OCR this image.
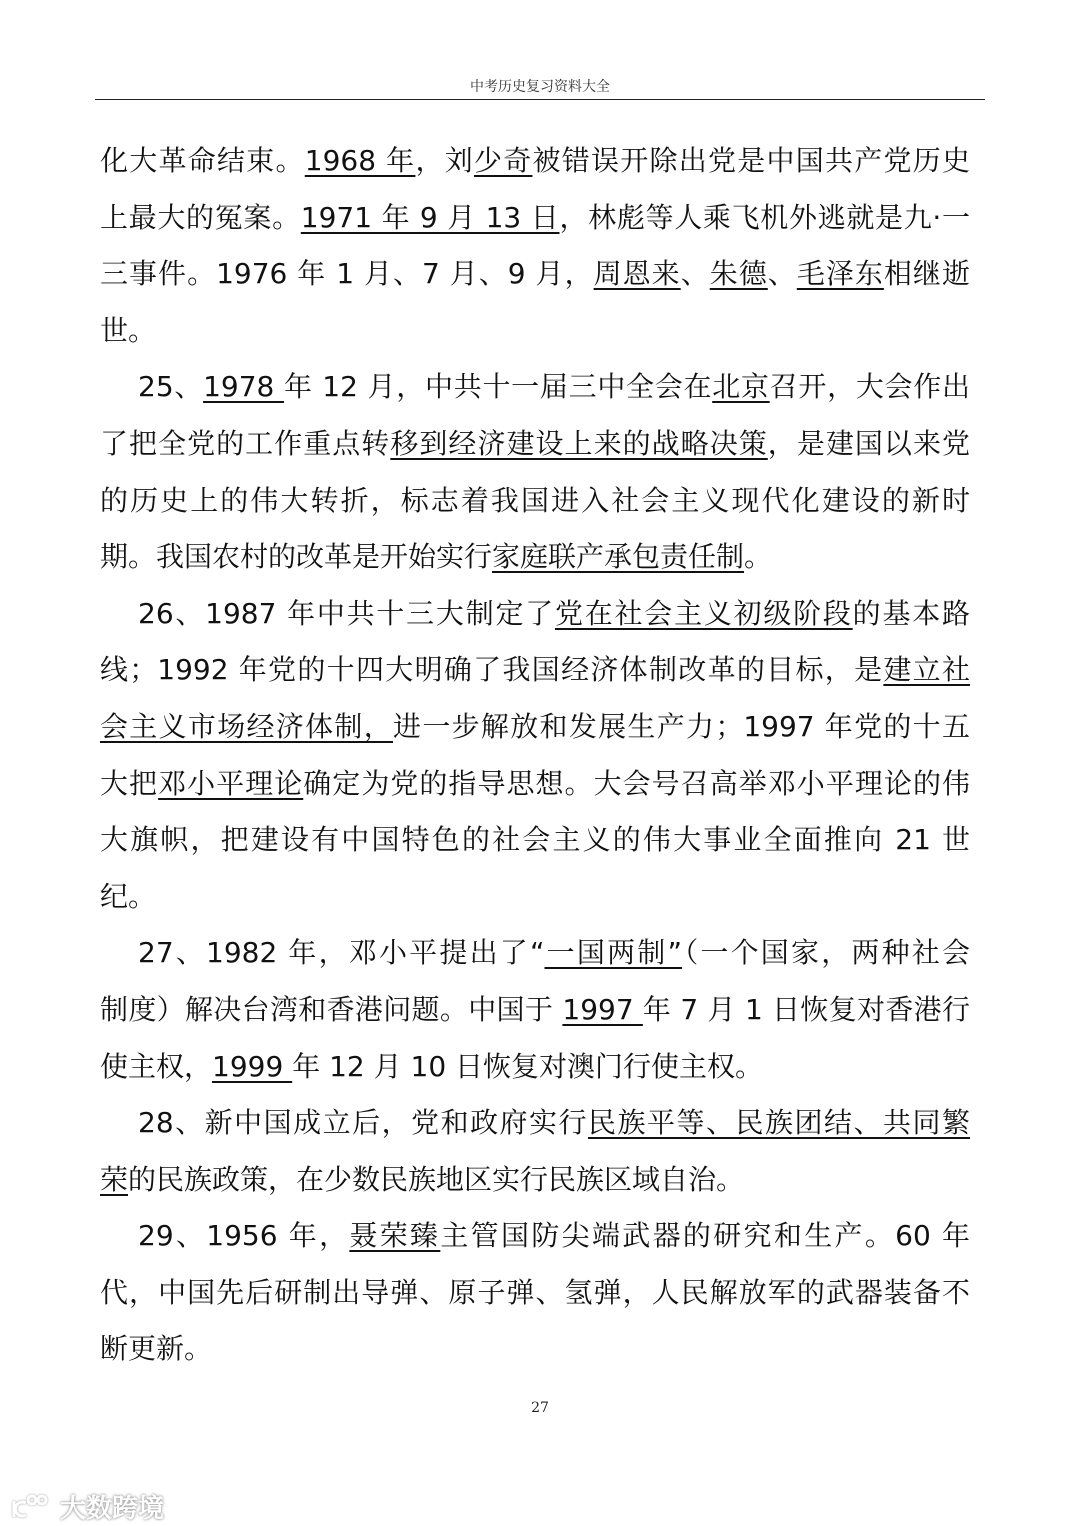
中考历史复习资料大全
化大革命结束。1968 年，刘少奇被错误开除出党是中国共产党历史
上最大的冤案。1971 年 9 月 13 日，林彪等人乘飞机外逃就是九·一
三事件。1976 年 1 月、7 月、9 月，周恩来、朱德、毛泽东相继逝
世。
25、1978 年 12 月，中共十一届三中全会在北京召开，大会作出
了把全党的工作重点转移到经济建设上来的战略决策，是建国以来党
的历史上的伟大转折，标志着我国进入社会主义现代化建设的新时
期。我国农村的改革是开始实行家庭联产承包责任制。
26、1987 年中共十三大制定了党在社会主义初级阶段的基本路
线；1992 年党的十四大明确了我国经济体制改革的目标，是建立社
会主义市场经济体制，进一步解放和发展生产力；1997 年党的十五
大把邓小平理论确定为党的指导思想。大会号召高举邓小平理论的伟
大旗帜，把建设有中国特色的社会主义的伟大事业全面推向 21 世
纪。
27、1982 年，邓小平提出了“一国两制”（一个国家，两种社会
制度）解决台湾和香港问题。中国于 1997 年 7 月 1 日恢复对香港行
使主权，1999 年 12 月 10 日恢复对澳门行使主权。
28、新中国成立后，党和政府实行民族平等、民族团结、共同繁
荣的民族政策，在少数民族地区实行民族区域自治。
29、1956 年，聂荣臻主管国防尖端武器的研究和生产。60 年
代，中国先后研制出导弹、原子弹、氢弹，人民解放军的武器装备不
断更新。
27
大数跨境
